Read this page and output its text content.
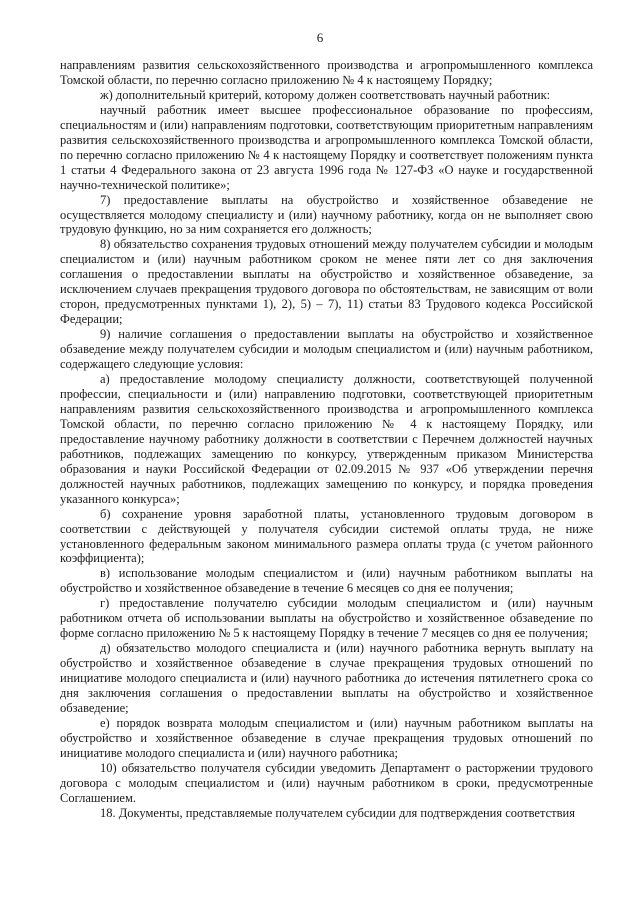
6

направлениям развития сельскохозяйственного производства и агропромышленного комплекса Томской области, по перечню согласно приложению № 4 к настоящему Порядку;

ж) дополнительный критерий, которому должен соответствовать научный работник:

научный работник имеет высшее профессиональное образование по профессиям, специальностям и (или) направлениям подготовки, соответствующим приоритетным направлениям развития сельскохозяйственного производства и агропромышленного комплекса Томской области, по перечню согласно приложению № 4 к настоящему Порядку и соответствует положениям пункта 1 статьи 4 Федерального закона от 23 августа 1996 года № 127-ФЗ «О науке и государственной научно-технической политике»;

7) предоставление выплаты на обустройство и хозяйственное обзаведение не осуществляется молодому специалисту и (или) научному работнику, когда он не выполняет свою трудовую функцию, но за ним сохраняется его должность;

8) обязательство сохранения трудовых отношений между получателем субсидии и молодым специалистом и (или) научным работником сроком не менее пяти лет со дня заключения соглашения о предоставлении выплаты на обустройство и хозяйственное обзаведение, за исключением случаев прекращения трудового договора по обстоятельствам, не зависящим от воли сторон, предусмотренных пунктами 1), 2), 5) – 7), 11) статьи 83 Трудового кодекса Российской Федерации;

9) наличие соглашения о предоставлении выплаты на обустройство и хозяйственное обзаведение между получателем субсидии и молодым специалистом и (или) научным работником, содержащего следующие условия:

а) предоставление молодому специалисту должности, соответствующей полученной профессии, специальности и (или) направлению подготовки, соответствующей приоритетным направлениям развития сельскохозяйственного производства и агропромышленного комплекса Томской области, по перечню согласно приложению № 4 к настоящему Порядку, или предоставление научному работнику должности в соответствии с Перечнем должностей научных работников, подлежащих замещению по конкурсу, утвержденным приказом Министерства образования и науки Российской Федерации от 02.09.2015 № 937 «Об утверждении перечня должностей научных работников, подлежащих замещению по конкурсу, и порядка проведения указанного конкурса»;

б) сохранение уровня заработной платы, установленного трудовым договором в соответствии с действующей у получателя субсидии системой оплаты труда, не ниже установленного федеральным законом минимального размера оплаты труда (с учетом районного коэффициента);

в) использование молодым специалистом и (или) научным работником выплаты на обустройство и хозяйственное обзаведение в течение 6 месяцев со дня ее получения;

г) предоставление получателю субсидии молодым специалистом и (или) научным работником отчета об использовании выплаты на обустройство и хозяйственное обзаведение по форме согласно приложению № 5 к настоящему Порядку в течение 7 месяцев со дня ее получения;

д) обязательство молодого специалиста и (или) научного работника вернуть выплату на обустройство и хозяйственное обзаведение в случае прекращения трудовых отношений по инициативе молодого специалиста и (или) научного работника до истечения пятилетнего срока со дня заключения соглашения о предоставлении выплаты на обустройство и хозяйственное обзаведение;

е) порядок возврата молодым специалистом и (или) научным работником выплаты на обустройство и хозяйственное обзаведение в случае прекращения трудовых отношений по инициативе молодого специалиста и (или) научного работника;

10) обязательство получателя субсидии уведомить Департамент о расторжении трудового договора с молодым специалистом и (или) научным работником в сроки, предусмотренные Соглашением.

18. Документы, представляемые получателем субсидии для подтверждения соответствия
